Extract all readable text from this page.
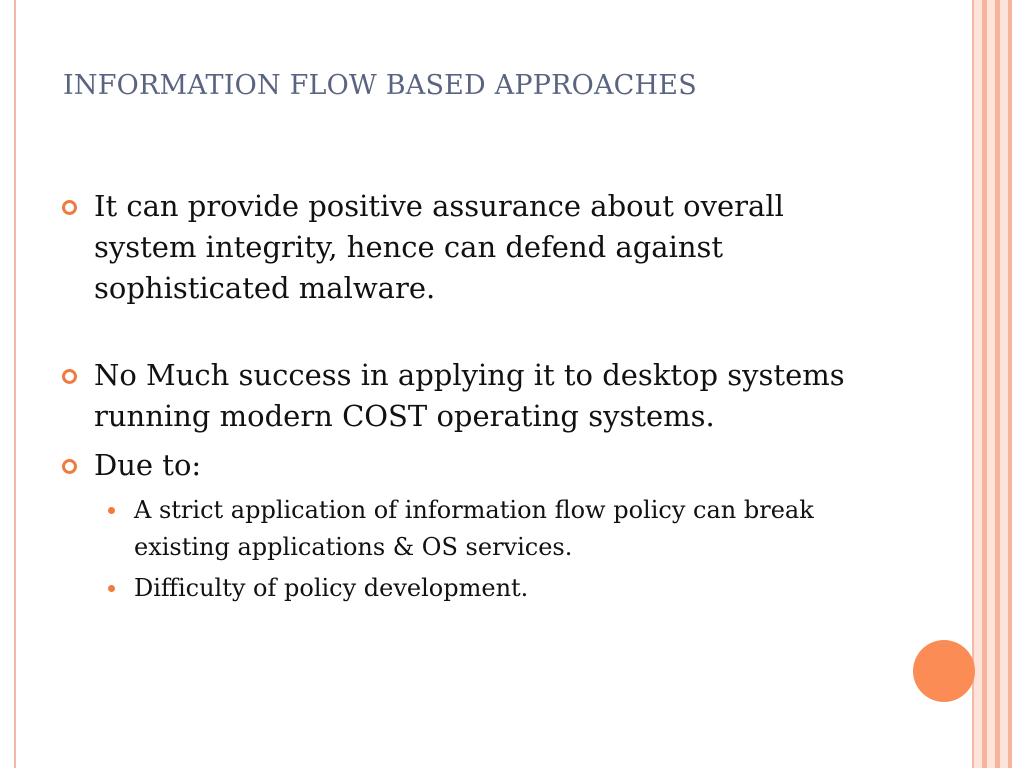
INFORMATION FLOW BASED APPROACHES
It can provide positive assurance about overall system integrity, hence can defend against sophisticated malware.
No Much success in applying it to desktop systems running modern COST operating systems.
Due to:
A strict application of information flow policy can break existing applications & OS services.
Difficulty of policy development.
